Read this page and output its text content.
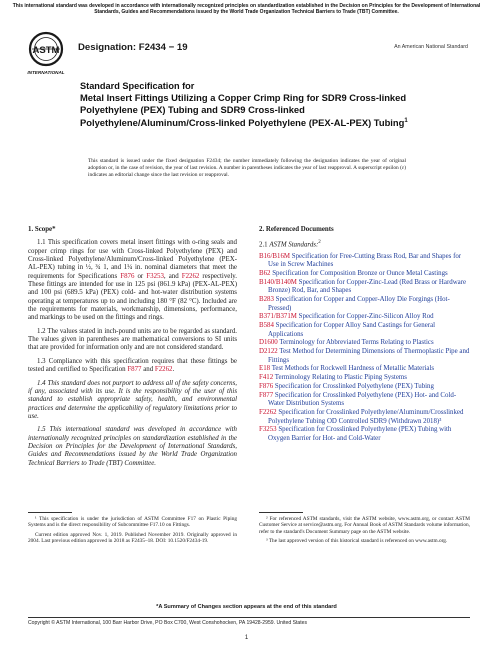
This international standard was developed in accordance with internationally recognized principles on standardization established in the Decision on Principles for the Development of International Standards, Guides and Recommendations issued by the World Trade Organization Technical Barriers to Trade (TBT) Committee.
ASTM
INTERNATIONAL
Designation: F2434 − 19	An American National Standard
Standard Specification for
Metal Insert Fittings Utilizing a Copper Crimp Ring for SDR9 Cross-linked Polyethylene (PEX) Tubing and SDR9 Cross-linked Polyethylene/Aluminum/Cross-linked Polyethylene (PEX-AL-PEX) Tubing$^1$
This standard is issued under the fixed designation F2434; the number immediately following the designation indicates the year of original adoption or, in the case of revision, the year of last revision. A number in parentheses indicates the year of last reapproval. A superscript epsilon (ε) indicates an editorial change since the last revision or reapproval.
1. Scope*
1.1 This specification covers metal insert fittings with o-ring seals and copper crimp rings for use with Cross-linked Polyethylene (PEX) and Cross-linked Polyethylene/Aluminum/Cross-linked Polyethylene (PEX-AL-PEX) tubing in ½, ¾ 1, and 1¼ in. nominal diameters that meet the requirements for Specifications F876 or F3253, and F2262 respectively. These fittings are intended for use in 125 psi (861.9 kPa) (PEX-AL-PEX) and 100 psi (689.5 kPa) (PEX) cold- and hot-water distribution systems operating at temperatures up to and including 180 °F (82 °C). Included are the requirements for materials, workmanship, dimensions, performance, and markings to be used on the fittings and rings.
1.2 The values stated in inch-pound units are to be regarded as standard. The values given in parentheses are mathematical conversions to SI units that are provided for information only and are not considered standard.
1.3 Compliance with this specification requires that these fittings be tested and certified to Specification F877 and F2262.
1.4 This standard does not purport to address all of the safety concerns, if any, associated with its use. It is the responsibility of the user of this standard to establish appropriate safety, health, and environmental practices and determine the applicability of regulatory limitations prior to use.
1.5 This international standard was developed in accordance with internationally recognized principles on standardization established in the Decision on Principles for the Development of International Standards, Guides and Recommendations issued by the World Trade Organization Technical Barriers to Trade (TBT) Committee.
2. Referenced Documents
2.1 ASTM Standards:$^2$
B16/B16M Specification for Free-Cutting Brass Rod, Bar and Shapes for Use in Screw Machines
B62 Specification for Composition Bronze or Ounce Metal Castings
B140/B140M Specification for Copper-Zinc-Lead (Red Brass or Hardware Bronze) Rod, Bar, and Shapes
B283 Specification for Copper and Copper-Alloy Die Forgings (Hot-Pressed)
B371/B371M Specification for Copper-Zinc-Silicon Alloy Rod
B584 Specification for Copper Alloy Sand Castings for General Applications
D1600 Terminology for Abbreviated Terms Relating to Plastics
D2122 Test Method for Determining Dimensions of Thermoplastic Pipe and Fittings
E18 Test Methods for Rockwell Hardness of Metallic Materials
F412 Terminology Relating to Plastic Piping Systems
F876 Specification for Crosslinked Polyethylene (PEX) Tubing
F877 Specification for Crosslinked Polyethylene (PEX) Hot- and Cold-Water Distribution Systems
F2262 Specification for Crosslinked Polyethylene/Aluminum/Crosslinked Polyethylene Tubing OD Controlled SDR9 (Withdrawn 2018)³
F3253 Specification for Crosslinked Polyethylene (PEX) Tubing with Oxygen Barrier for Hot- and Cold-Water
¹ This specification is under the jurisdiction of ASTM Committee F17 on Plastic Piping Systems and is the direct responsibility of Subcommittee F17.10 on Fittings.
Current edition approved Nov. 1, 2019. Published November 2019. Originally approved in 2004. Last previous edition approved in 2018 as F2435–18. DOI: 10.1520/F2434-19.
² For referenced ASTM standards, visit the ASTM website, www.astm.org, or contact ASTM Customer Service at service@astm.org. For Annual Book of ASTM Standards volume information, refer to the standard's Document Summary page on the ASTM website.
³ The last approved version of this historical standard is referenced on www.astm.org.
*A Summary of Changes section appears at the end of this standard
Copyright © ASTM International, 100 Barr Harbor Drive, PO Box C700, West Conshohocken, PA 19428-2959. United States
1
